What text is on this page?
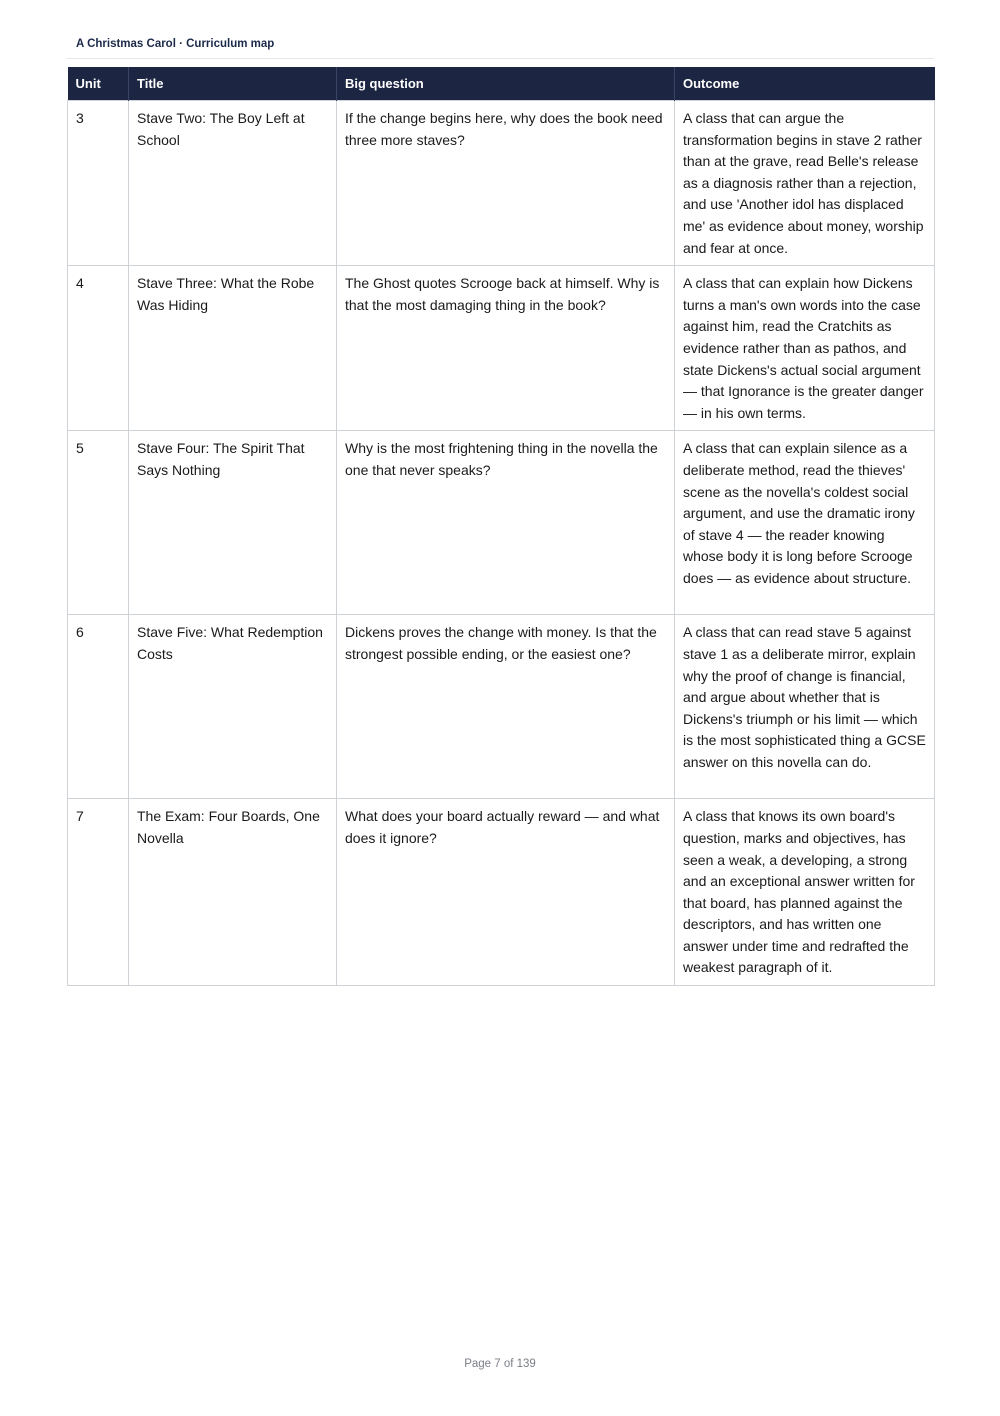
A Christmas Carol · Curriculum map
Unit	Title	Big question	Outcome
3	Stave Two: The Boy Left at School	If the change begins here, why does the book need three more staves?	A class that can argue the transformation begins in stave 2 rather than at the grave, read Belle's release as a diagnosis rather than a rejection, and use 'Another idol has displaced me' as evidence about money, worship and fear at once.
4	Stave Three: What the Robe Was Hiding	The Ghost quotes Scrooge back at himself. Why is that the most damaging thing in the book?	A class that can explain how Dickens turns a man's own words into the case against him, read the Cratchits as evidence rather than as pathos, and state Dickens's actual social argument — that Ignorance is the greater danger — in his own terms.
5	Stave Four: The Spirit That Says Nothing	Why is the most frightening thing in the novella the one that never speaks?	A class that can explain silence as a deliberate method, read the thieves' scene as the novella's coldest social argument, and use the dramatic irony of stave 4 — the reader knowing whose body it is long before Scrooge does — as evidence about structure.
6	Stave Five: What Redemption Costs	Dickens proves the change with money. Is that the strongest possible ending, or the easiest one?	A class that can read stave 5 against stave 1 as a deliberate mirror, explain why the proof of change is financial, and argue about whether that is Dickens's triumph or his limit — which is the most sophisticated thing a GCSE answer on this novella can do.
7	The Exam: Four Boards, One Novella	What does your board actually reward — and what does it ignore?	A class that knows its own board's question, marks and objectives, has seen a weak, a developing, a strong and an exceptional answer written for that board, has planned against the descriptors, and has written one answer under time and redrafted the weakest paragraph of it.
Page 7 of 139
